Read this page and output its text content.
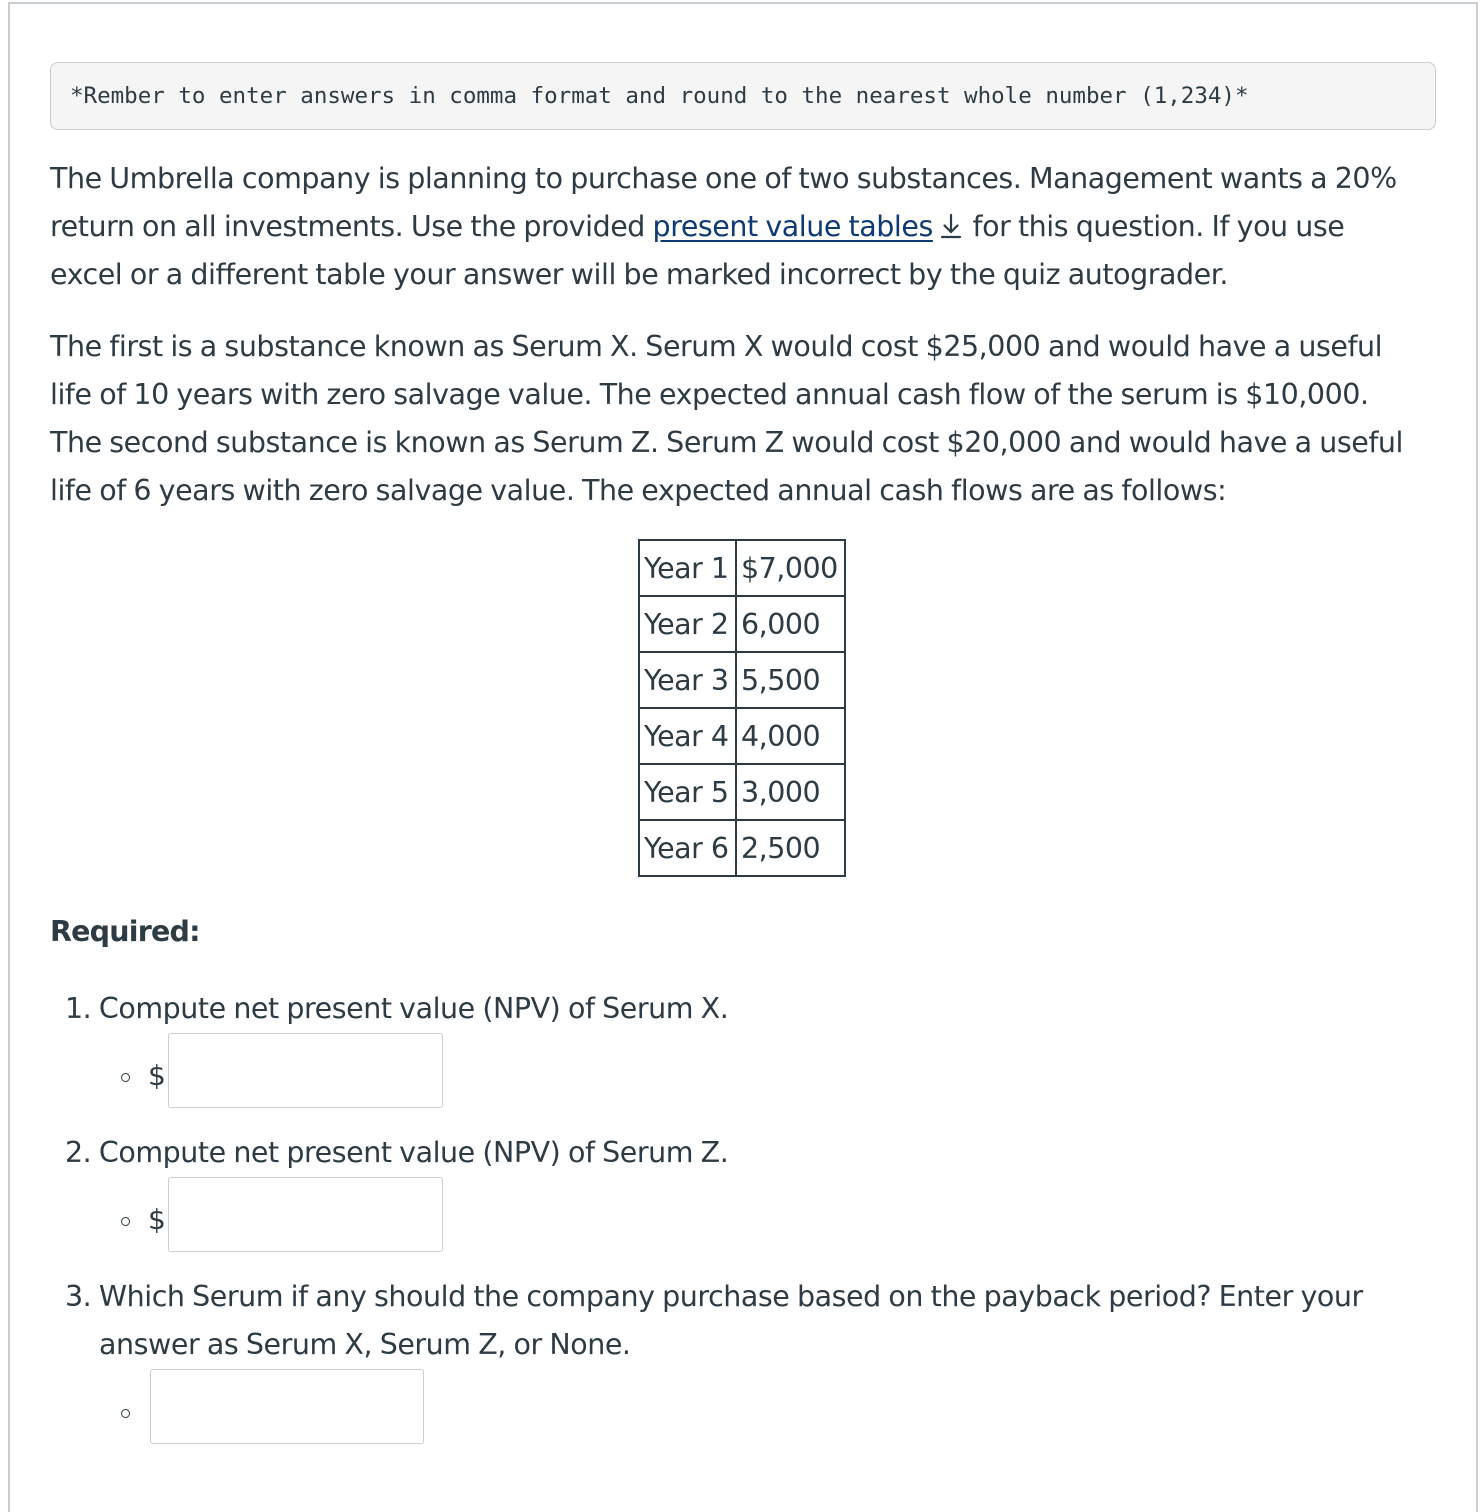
*Rember to enter answers in comma format and round to the nearest whole number (1,234)*
The Umbrella company is planning to purchase one of two substances. Management wants a 20%
return on all investments. Use the provided present value tables for this question. If you use
excel or a different table your answer will be marked incorrect by the quiz autograder.
The first is a substance known as Serum X. Serum X would cost $25,000 and would have a useful
life of 10 years with zero salvage value. The expected annual cash flow of the serum is $10,000.
The second substance is known as Serum Z. Serum Z would cost $20,000 and would have a useful
life of 6 years with zero salvage value. The expected annual cash flows are as follows:
Year 1	$7,000
Year 2	6,000
Year 3	5,500
Year 4	4,000
Year 5	3,000
Year 6	2,500
Required:
1. Compute net present value (NPV) of Serum X.
$
2. Compute net present value (NPV) of Serum Z.
$
3. Which Serum if any should the company purchase based on the payback period? Enter your
answer as Serum X, Serum Z, or None.
